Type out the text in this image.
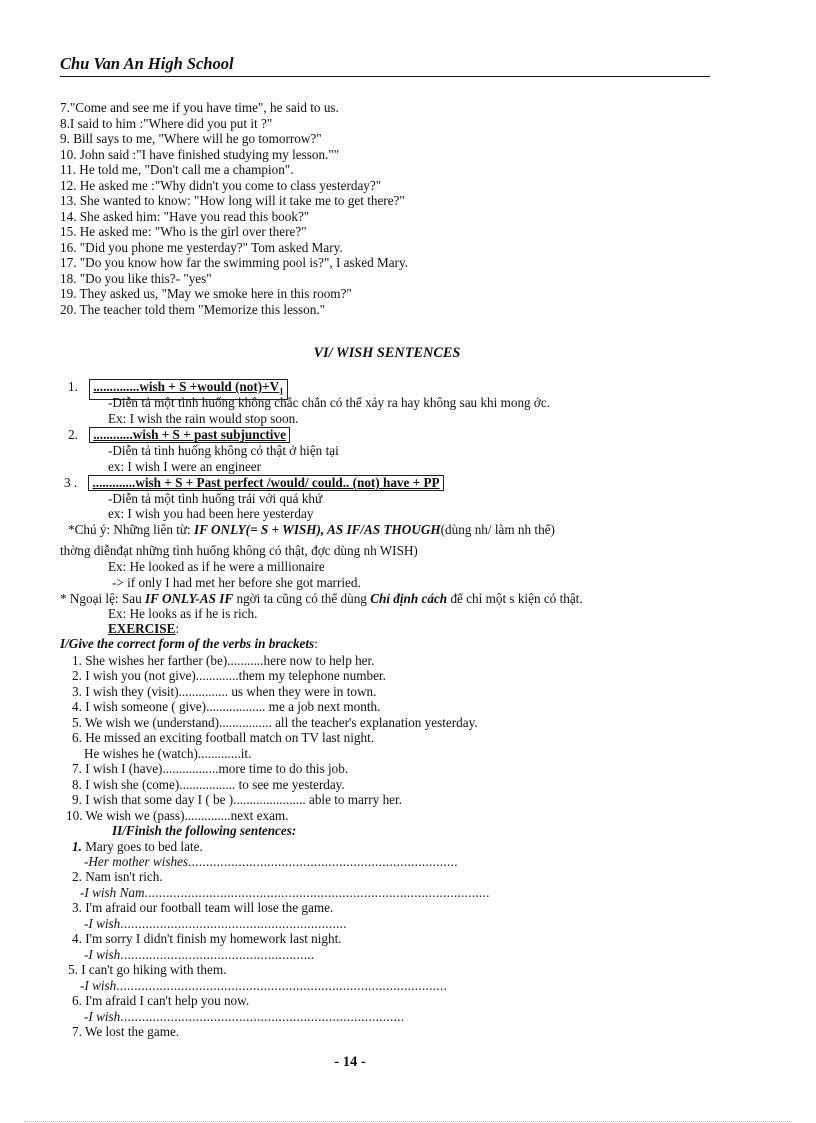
Chu Van An High School
7."Come and see me if you have time", he said to us.
8.I said to him :"Where did you put it ?"
9. Bill says to me, "Where will he go tomorrow?"
10. John said :"I have finished studying my lesson.""
11. He told me, "Don't call me a champion".
12. He asked me :"Why didn't you come to class yesterday?"
13. She wanted to know: "How long will it take me to get there?"
14. She asked him: "Have you read this book?"
15. He asked me: "Who is the girl over there?"
16. "Did you phone me yesterday?" Tom asked Mary.
17. "Do you know how far the swimming pool is?", I asked Mary.
18. "Do you like this?- "yes"
19. They asked us, "May we smoke here in this room?"
20. The teacher told them "Memorize this lesson."
VI/ WISH SENTENCES
1. ..............wish + S +would $(not)+V_1$
-Diễn tả một tình huống không chắc chắn có thể xảy ra hay không sau khi mong ớc.
Ex: I wish the rain would stop soon.
2. ............wish + S + past subjunctive
-Diễn tả tình huống không có thật ở hiện tại
ex: I wish I were an engineer
3 . .............wish + S + Past perfect /would/ could.. (not) have + PP
-Diễn tả một tình huống trái với quá khứ
ex: I wish you had been here yesterday
*Chú ý: Những liên từ: IF ONLY(= S + WISH), AS IF/AS THOUGH(dùng nh/ làm nh thể)
thờng diễnđạt những tình huống không có thật, đợc dùng nh WISH)
Ex: He looked as if he were a millionaire
-> if only I had met her before she got married.
* Ngoại lệ: Sau IF ONLY-AS IF ngời ta cũng có thể dùng Chỉ định cách để chỉ một s kiện có thật.
Ex: He looks as if he is rich.
EXERCISE:
I/Give the correct form of the verbs in brackets:
1. She wishes her farther (be)...........here now to help her.
2. I wish you (not give).............them my telephone number.
3. I wish they (visit)............... us when they were in town.
4. I wish someone ( give).................. me a job next month.
5. We wish we (understand)................ all the teacher's explanation yesterday.
6. He missed an exciting football match on TV last night.
He wishes he (watch).............it.
7. I wish I (have).................more time to do this job.
8. I wish she (come)................. to see me yesterday.
9. I wish that some day I ( be )...................... able to marry her.
10. We wish we (pass)..............next exam.
II/Finish the following sentences:
1. Mary goes to bed late.
-Her mother wishes...........................................................................
2. Nam isn't rich.
-I wish Nam................................................................................................
3. I'm afraid our football team will lose the game.
-I wish...............................................................
4. I'm sorry I didn't finish my homework last night.
-I wish......................................................
5. I can't go hiking with them.
-I wish............................................................................................
6. I'm afraid I can't help you now.
-I wish...............................................................................
7. We lost the game.
- 14 -
